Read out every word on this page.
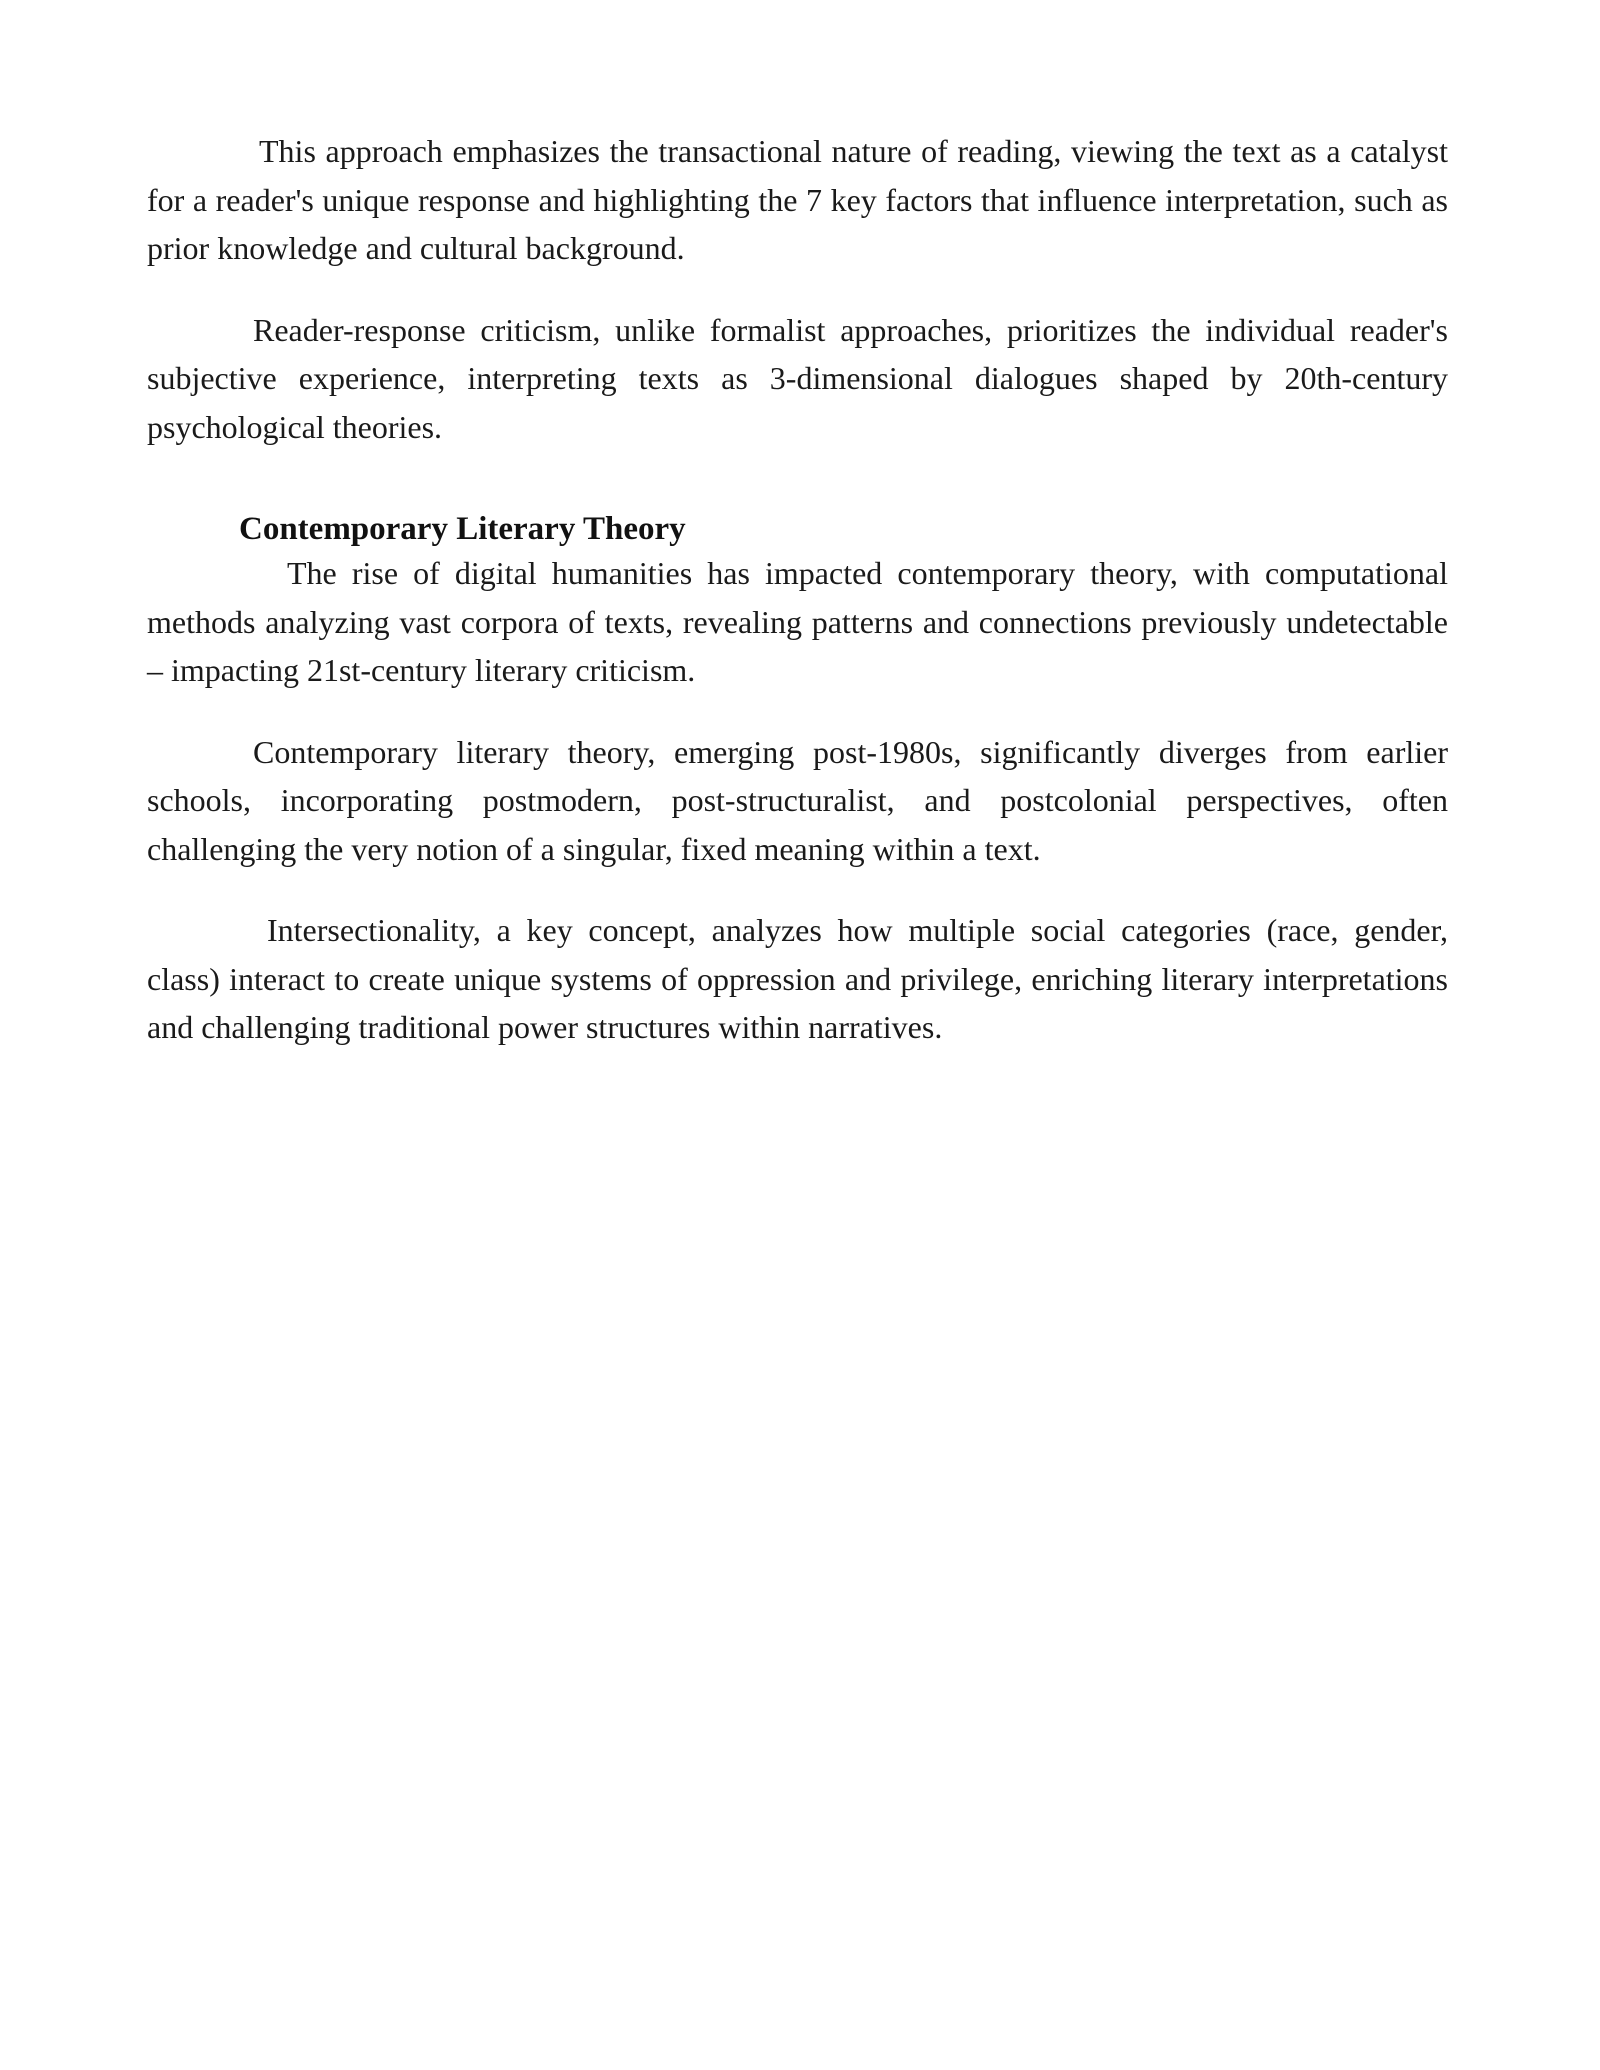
This approach emphasizes the transactional nature of reading, viewing the text as a catalyst for a reader's unique response and highlighting the 7 key factors that influence interpretation, such as prior knowledge and cultural background.

Reader-response criticism, unlike formalist approaches, prioritizes the individual reader's subjective experience, interpreting texts as 3-dimensional dialogues shaped by 20th-century psychological theories.

Contemporary Literary Theory

The rise of digital humanities has impacted contemporary theory, with computational methods analyzing vast corpora of texts, revealing patterns and connections previously undetectable – impacting 21st-century literary criticism.

Contemporary literary theory, emerging post-1980s, significantly diverges from earlier schools, incorporating postmodern, post-structuralist, and postcolonial perspectives, often challenging the very notion of a singular, fixed meaning within a text.

Intersectionality, a key concept, analyzes how multiple social categories (race, gender, class) interact to create unique systems of oppression and privilege, enriching literary interpretations and challenging traditional power structures within narratives.
